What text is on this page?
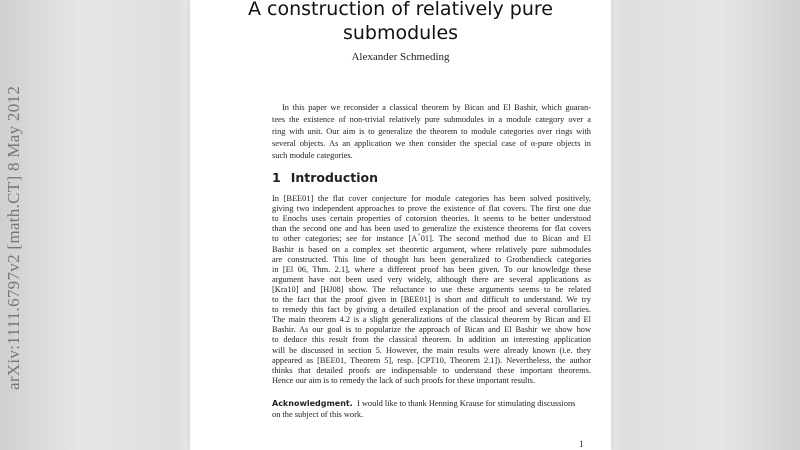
arXiv:1111.6797v2 [math.CT] 8 May 2012
A construction of relatively pure
submodules
Alexander Schmeding
In this paper we reconsider a classical theorem by Bican and El Bashir, which guaran-
tees the existence of non-trivial relatively pure submodules in a module category over a
ring with unit. Our aim is to generalize the theorem to module categories over rings with
several objects. As an application we then consider the special case of α-pure objects in
such module categories.
1 Introduction
In [BEE01] the flat cover conjecture for module categories has been solved positively,
giving two independent approaches to prove the existence of flat covers. The first one due
to Enochs uses certain properties of cotorsion theories. It seems to be better understood
than the second one and has been used to generalize the existence theorems for flat covers
to other categories; see for instance [A+01]. The second method due to Bican and El
Bashir is based on a complex set theoretic argument, where relatively pure submodules
are constructed. This line of thought has been generalized to Grothendieck categories
in [El 06, Thm. 2.1], where a different proof has been given. To our knowledge these
argument have not been used very widely, although there are several applications as
[Kra10] and [HJ08] show. The reluctance to use these arguments seems to be related
to the fact that the proof given in [BEE01] is short and difficult to understand. We try
to remedy this fact by giving a detailed explanation of the proof and several corollaries.
The main theorem 4.2 is a slight generalizations of the classical theorem by Bican and El
Bashir. As our goal is to popularize the approach of Bican and El Bashir we show how
to deduce this result from the classical theorem. In addition an interesting application
will be discussed in section 5. However, the main results were already known (i.e. they
appeared as [BEE01, Theorem 5], resp. [CPT10, Theorem 2.1]). Nevertheless, the author
thinks that detailed proofs are indispensable to understand these important theorems.
Hence our aim is to remedy the lack of such proofs for these important results.
Acknowledgment. I would like to thank Henning Krause for stimulating discussions
on the subject of this work.
1
